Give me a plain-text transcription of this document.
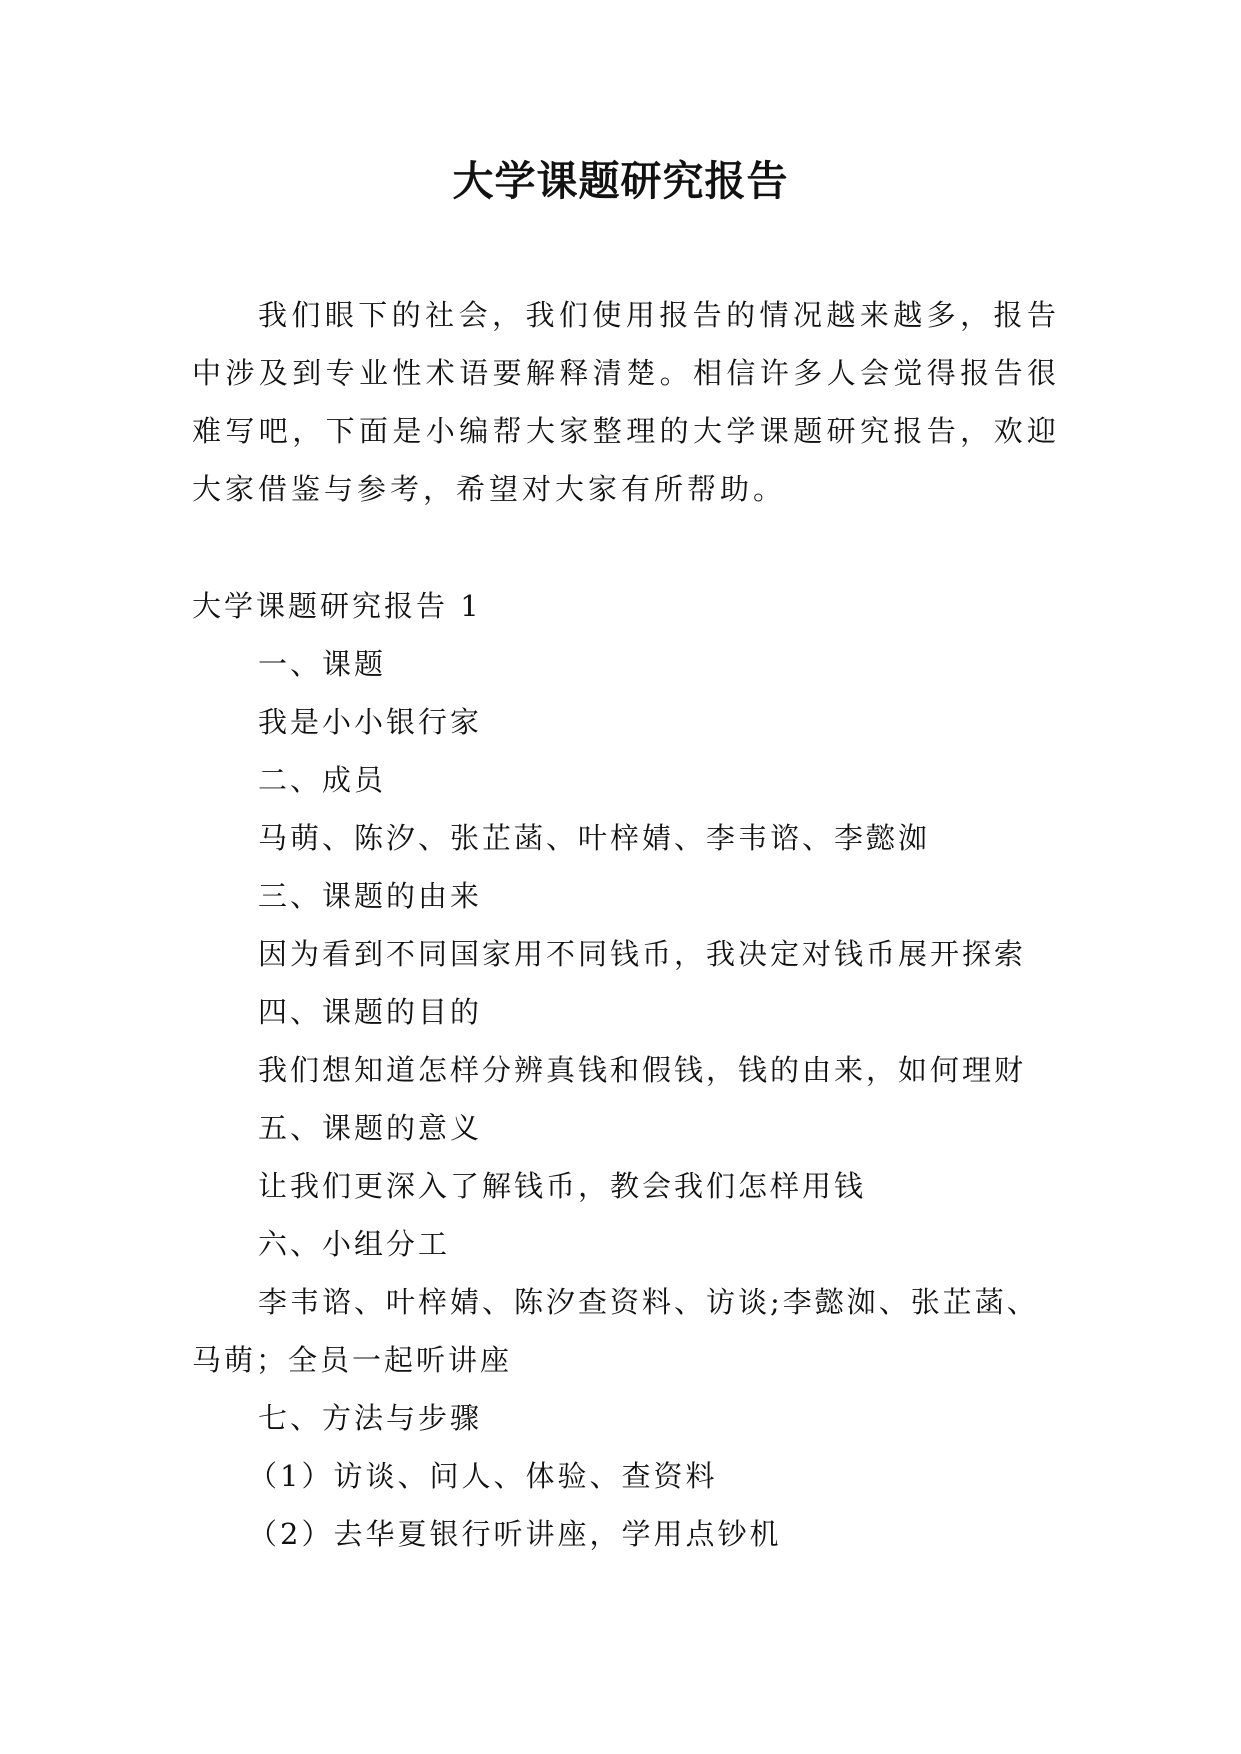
大学课题研究报告

我们眼下的社会，我们使用报告的情况越来越多，报告中涉及到专业性术语要解释清楚。相信许多人会觉得报告很难写吧，下面是小编帮大家整理的大学课题研究报告，欢迎大家借鉴与参考，希望对大家有所帮助。

大学课题研究报告 1
一、课题
我是小小银行家
二、成员
马萌、陈汐、张芷菡、叶梓婧、李韦谘、李懿洳
三、课题的由来
因为看到不同国家用不同钱币，我决定对钱币展开探索
四、课题的目的
我们想知道怎样分辨真钱和假钱，钱的由来，如何理财
五、课题的意义
让我们更深入了解钱币，教会我们怎样用钱
六、小组分工
李韦谘、叶梓婧、陈汐查资料、访谈;李懿洳、张芷菡、马萌；全员一起听讲座
七、方法与步骤
（1）访谈、问人、体验、查资料
（2）去华夏银行听讲座，学用点钞机
